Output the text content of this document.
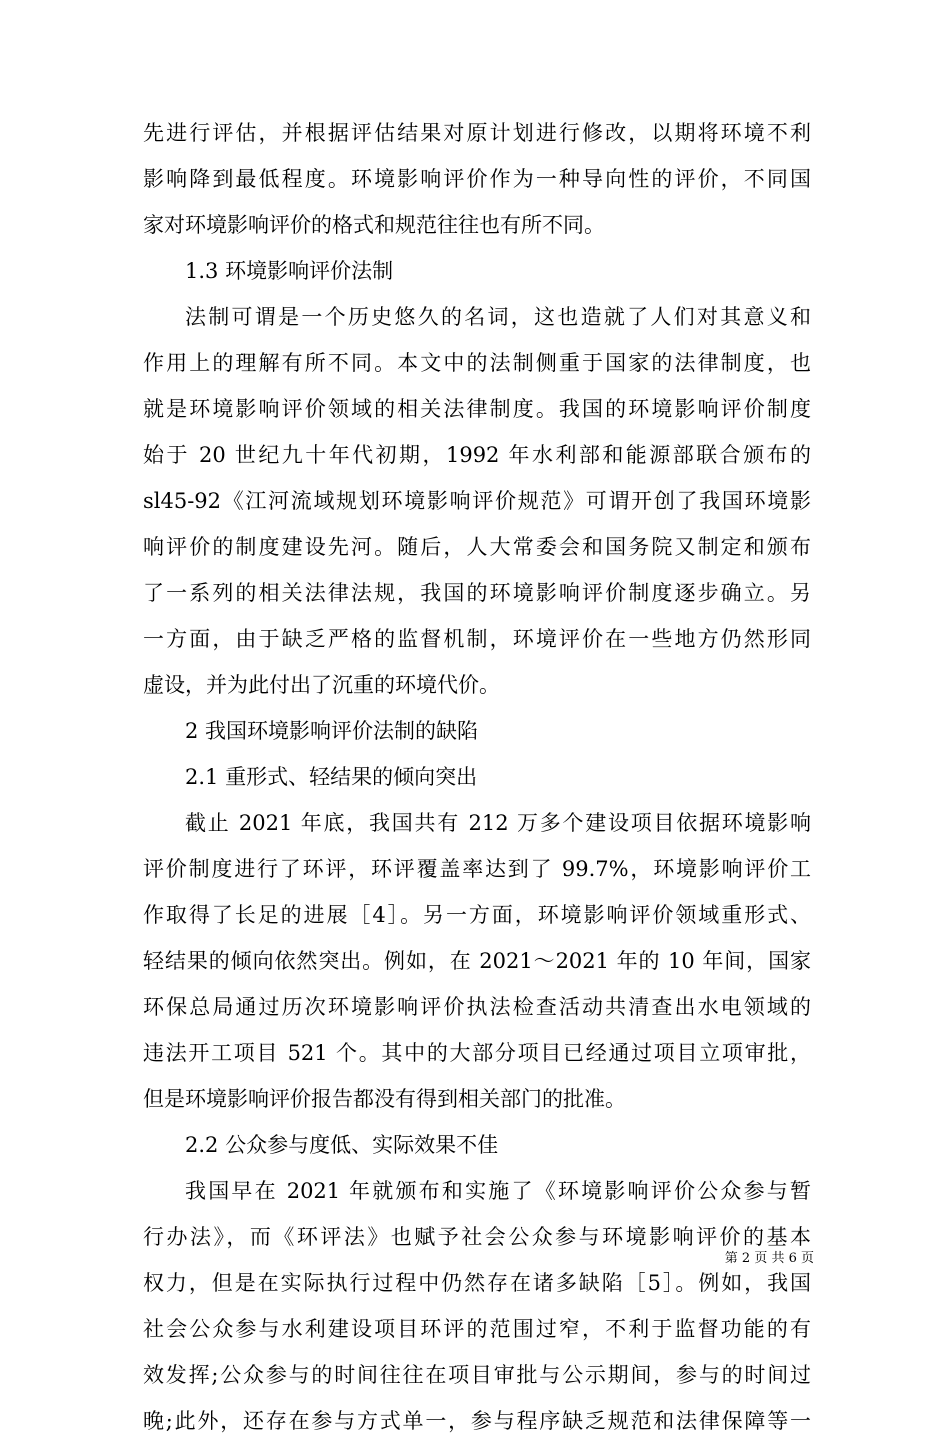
先进行评估，并根据评估结果对原计划进行修改，以期将环境不利
影响降到最低程度。环境影响评价作为一种导向性的评价，不同国
家对环境影响评价的格式和规范往往也有所不同。
1.3 环境影响评价法制
法制可谓是一个历史悠久的名词，这也造就了人们对其意义和
作用上的理解有所不同。本文中的法制侧重于国家的法律制度，也
就是环境影响评价领域的相关法律制度。我国的环境影响评价制度
始于 20 世纪九十年代初期，1992 年水利部和能源部联合颁布的
sl45-92《江河流域规划环境影响评价规范》可谓开创了我国环境影
响评价的制度建设先河。随后，人大常委会和国务院又制定和颁布
了一系列的相关法律法规，我国的环境影响评价制度逐步确立。另
一方面，由于缺乏严格的监督机制，环境评价在一些地方仍然形同
虚设，并为此付出了沉重的环境代价。
2 我国环境影响评价法制的缺陷
2.1 重形式、轻结果的倾向突出
截止 2021 年底，我国共有 212 万多个建设项目依据环境影响
评价制度进行了环评，环评覆盖率达到了 99.7%，环境影响评价工
作取得了长足的进展［4］。另一方面，环境影响评价领域重形式、
轻结果的倾向依然突出。例如，在 2021～2021 年的 10 年间，国家
环保总局通过历次环境影响评价执法检查活动共清查出水电领域的
违法开工项目 521 个。其中的大部分项目已经通过项目立项审批，
但是环境影响评价报告都没有得到相关部门的批准。
2.2 公众参与度低、实际效果不佳
我国早在 2021 年就颁布和实施了《环境影响评价公众参与暂
行办法》，而《环评法》也赋予社会公众参与环境影响评价的基本
权力，但是在实际执行过程中仍然存在诸多缺陷［5］。例如，我国
社会公众参与水利建设项目环评的范围过窄，不利于监督功能的有
效发挥;公众参与的时间往往在项目审批与公示期间，参与的时间过
晚;此外，还存在参与方式单一，参与程序缺乏规范和法律保障等一
第 2 页 共 6 页
